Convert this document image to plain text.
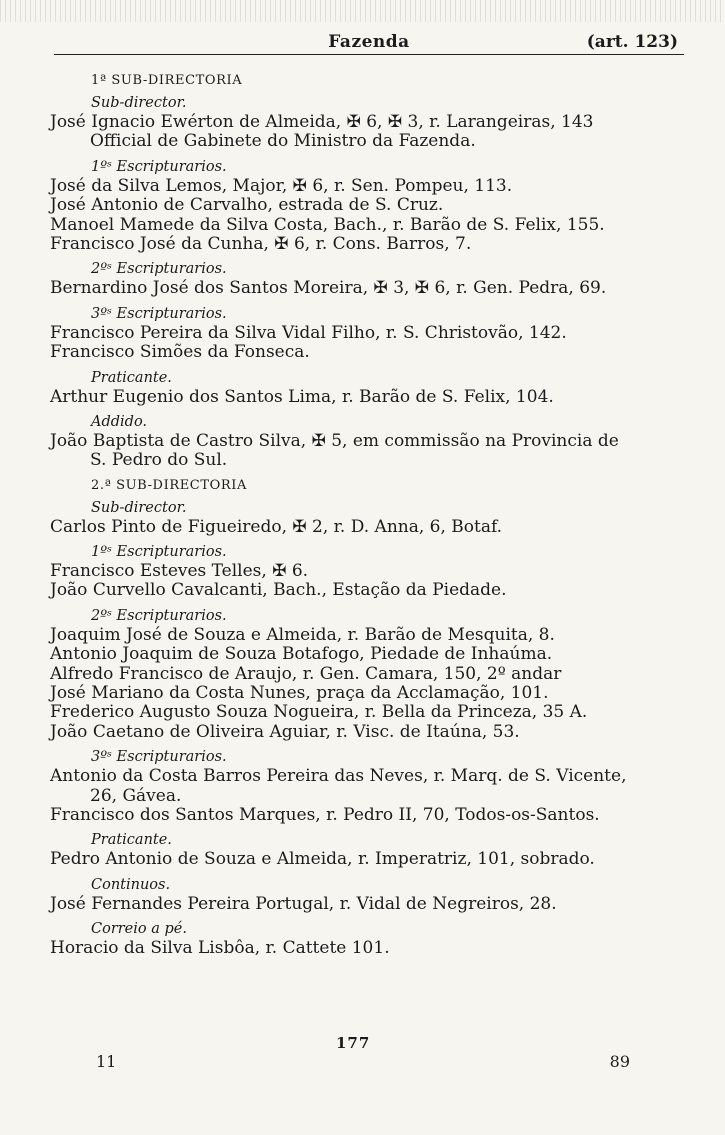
Fazenda	(art. 123)
1ª SUB-DIRECTORIA
Sub-director.
José Ignacio Ewérton de Almeida, ✠ 6, ✠ 3, r. Larangeiras, 143
Official de Gabinete do Ministro da Fazenda.
1ºˢ Escripturarios.
José da Silva Lemos, Major, ✠ 6, r. Sen. Pompeu, 113.
José Antonio de Carvalho, estrada de S. Cruz.
Manoel Mamede da Silva Costa, Bach., r. Barão de S. Felix, 155.
Francisco José da Cunha, ✠ 6, r. Cons. Barros, 7.
2ºˢ Escripturarios.
Bernardino José dos Santos Moreira, ✠ 3, ✠ 6, r. Gen. Pedra, 69.
3ºˢ Escripturarios.
Francisco Pereira da Silva Vidal Filho, r. S. Christovão, 142.
Francisco Simões da Fonseca.
Praticante.
Arthur Eugenio dos Santos Lima, r. Barão de S. Felix, 104.
Addido.
João Baptista de Castro Silva, ✠ 5, em commissão na Provincia de
S. Pedro do Sul.
2.ª SUB-DIRECTORIA
Sub-director.
Carlos Pinto de Figueiredo, ✠ 2, r. D. Anna, 6, Botaf.
1ºˢ Escripturarios.
Francisco Esteves Telles, ✠ 6.
João Curvello Cavalcanti, Bach., Estação da Piedade.
2ºˢ Escripturarios.
Joaquim José de Souza e Almeida, r. Barão de Mesquita, 8.
Antonio Joaquim de Souza Botafogo, Piedade de Inhaúma.
Alfredo Francisco de Araujo, r. Gen. Camara, 150, 2º andar
José Mariano da Costa Nunes, praça da Acclamação, 101.
Frederico Augusto Souza Nogueira, r. Bella da Princeza, 35 A.
João Caetano de Oliveira Aguiar, r. Visc. de Itaúna, 53.
3ºˢ Escripturarios.
Antonio da Costa Barros Pereira das Neves, r. Marq. de S. Vicente,
26, Gávea.
Francisco dos Santos Marques, r. Pedro II, 70, Todos-os-Santos.
Praticante.
Pedro Antonio de Souza e Almeida, r. Imperatriz, 101, sobrado.
Continuos.
José Fernandes Pereira Portugal, r. Vidal de Negreiros, 28.
Correio a pé.
Horacio da Silva Lisbôa, r. Cattete 101.
11
177
89
